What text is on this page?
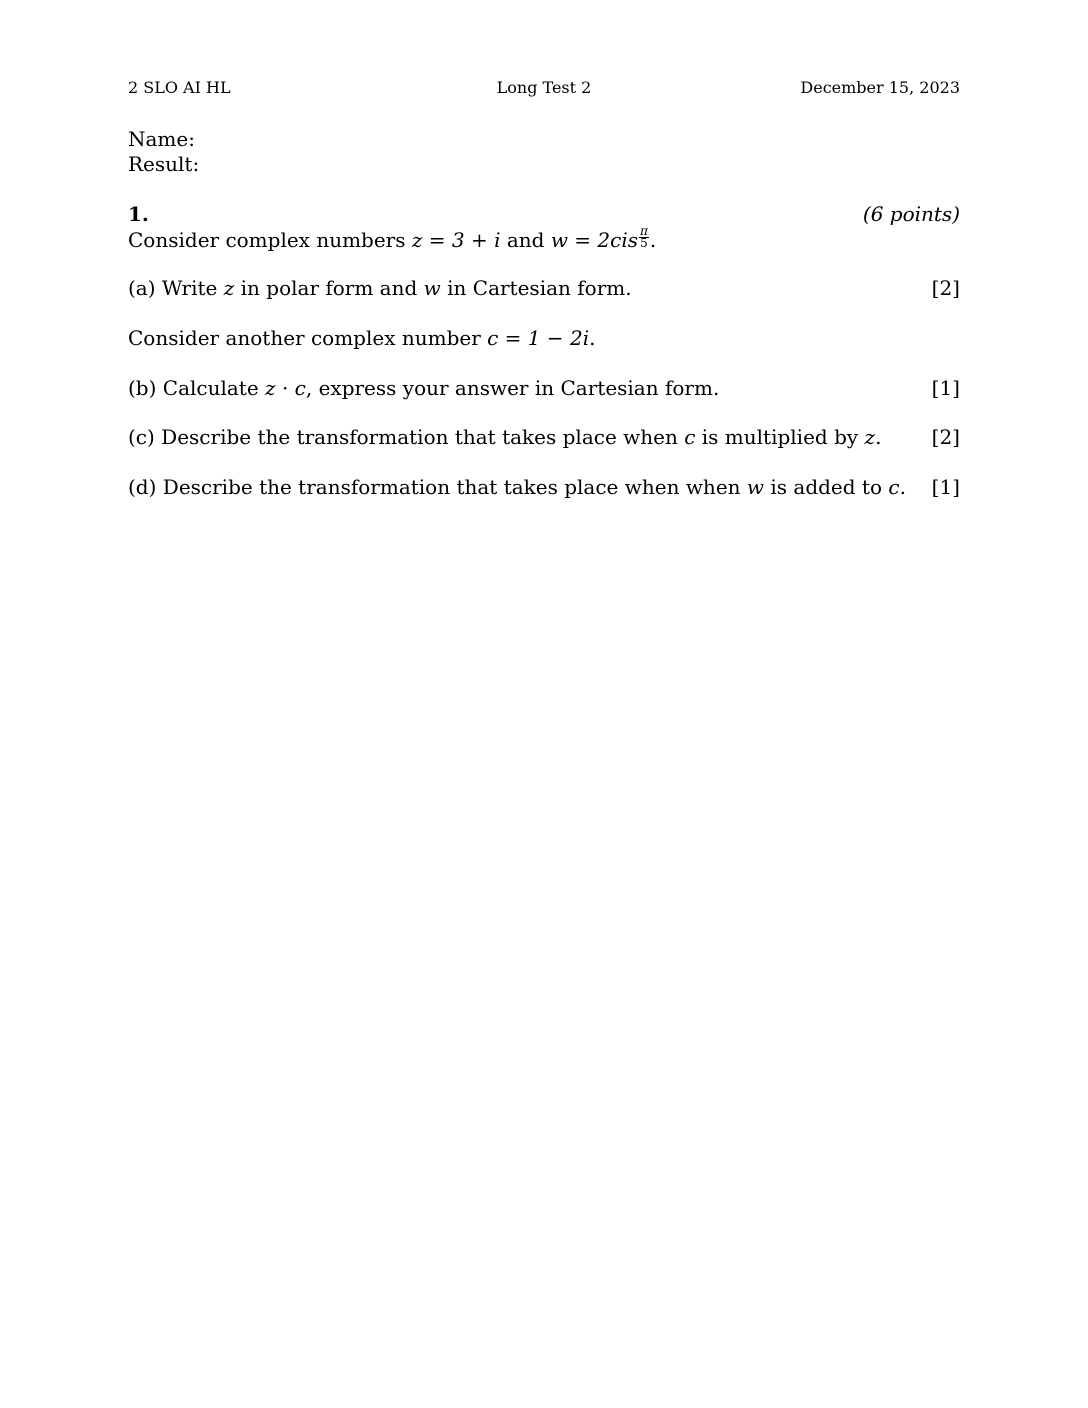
2 SLO AI HL	Long Test 2	December 15, 2023
Name:
Result:
1.	(6 points)
Consider complex numbers z = 3 + i and $w = 2cis \frac{\pi}{5}$ .
(a) Write z in polar form and w in Cartesian form.	[2]
Consider another complex number c = 1 − 2i.
(b) Calculate z · c, express your answer in Cartesian form.	[1]
(c) Describe the transformation that takes place when c is multiplied by z.	[2]
(d) Describe the transformation that takes place when when w is added to c. [1]
